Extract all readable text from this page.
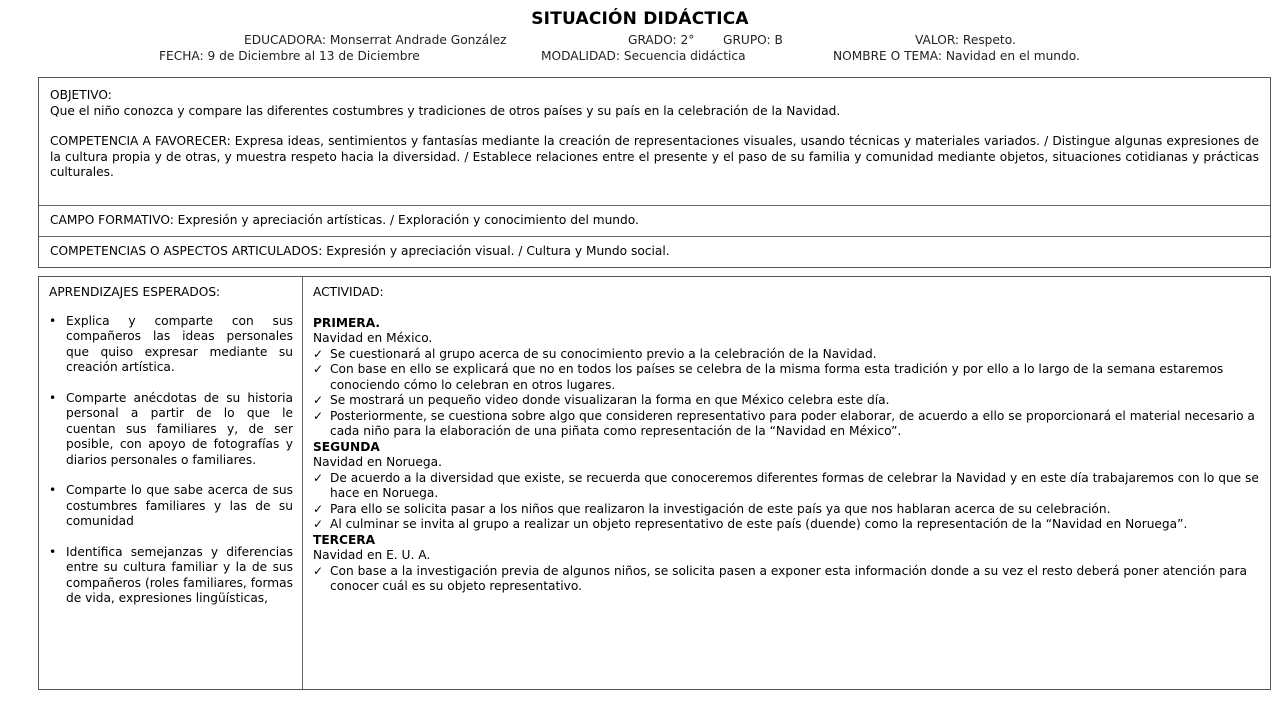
SITUACIÓN DIDÁCTICA
EDUCADORA: Monserrat Andrade González	GRADO: 2° GRUPO: B	VALOR: Respeto.
FECHA: 9 de Diciembre al 13 de Diciembre	MODALIDAD: Secuencia didáctica	NOMBRE O TEMA: Navidad en el mundo.
OBJETIVO:
Que el niño conozca y compare las diferentes costumbres y tradiciones de otros países y su país en la celebración de la Navidad.
COMPETENCIA A FAVORECER: Expresa ideas, sentimientos y fantasías mediante la creación de representaciones visuales, usando técnicas y materiales variados. / Distingue algunas expresiones de la cultura propia y de otras, y muestra respeto hacia la diversidad. / Establece relaciones entre el presente y el paso de su familia y comunidad mediante objetos, situaciones cotidianas y prácticas culturales.
CAMPO FORMATIVO: Expresión y apreciación artísticas. / Exploración y conocimiento del mundo.
COMPETENCIAS O ASPECTOS ARTICULADOS: Expresión y apreciación visual. / Cultura y Mundo social.
APRENDIZAJES ESPERADOS:
• Explica y comparte con sus compañeros las ideas personales que quiso expresar mediante su creación artística.
• Comparte anécdotas de su historia personal a partir de lo que le cuentan sus familiares y, de ser posible, con apoyo de fotografías y diarios personales o familiares.
• Comparte lo que sabe acerca de sus costumbres familiares y las de su comunidad
• Identifica semejanzas y diferencias entre su cultura familiar y la de sus compañeros (roles familiares, formas de vida, expresiones lingüísticas,
ACTIVIDAD:
PRIMERA.
Navidad en México.
✓ Se cuestionará al grupo acerca de su conocimiento previo a la celebración de la Navidad.
✓ Con base en ello se explicará que no en todos los países se celebra de la misma forma esta tradición y por ello a lo largo de la semana estaremos conociendo cómo lo celebran en otros lugares.
✓ Se mostrará un pequeño video donde visualizaran la forma en que México celebra este día.
✓ Posteriormente, se cuestiona sobre algo que consideren representativo para poder elaborar, de acuerdo a ello se proporcionará el material necesario a cada niño para la elaboración de una piñata como representación de la “Navidad en México”.
SEGUNDA
Navidad en Noruega.
✓ De acuerdo a la diversidad que existe, se recuerda que conoceremos diferentes formas de celebrar la Navidad y en este día trabajaremos con lo que se hace en Noruega.
✓ Para ello se solicita pasar a los niños que realizaron la investigación de este país ya que nos hablaran acerca de su celebración.
✓ Al culminar se invita al grupo a realizar un objeto representativo de este país (duende) como la representación de la “Navidad en Noruega”.
TERCERA
Navidad en E. U. A.
✓ Con base a la investigación previa de algunos niños, se solicita pasen a exponer esta información donde a su vez el resto deberá poner atención para conocer cuál es su objeto representativo.
